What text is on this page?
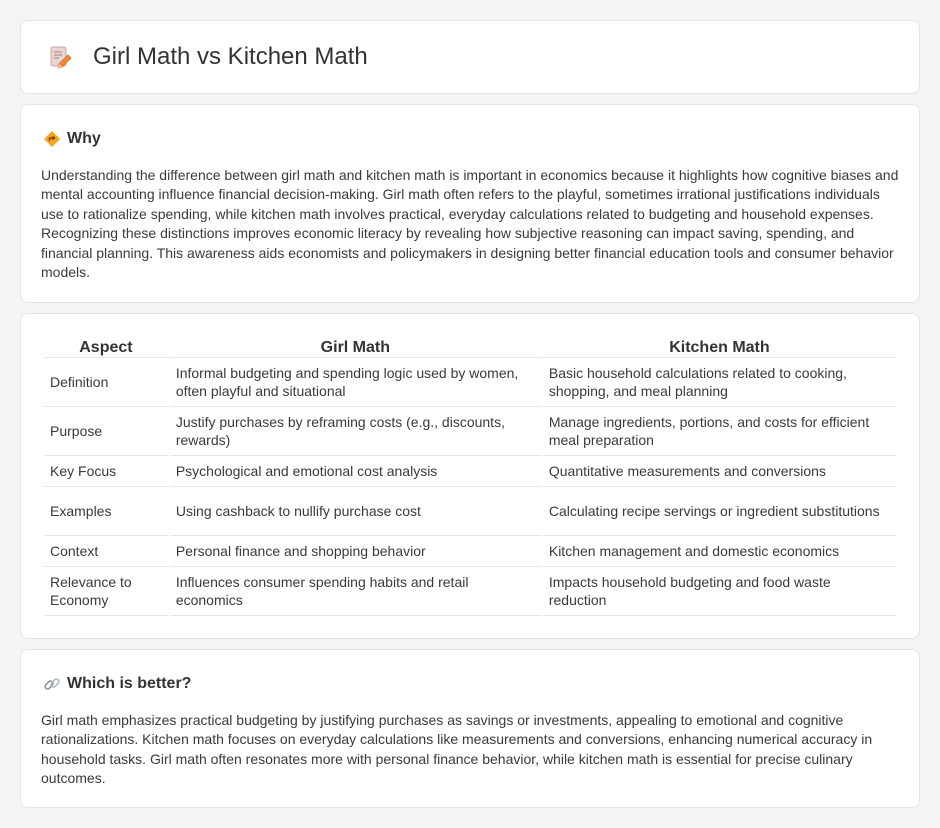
Girl Math vs Kitchen Math
Why

Understanding the difference between girl math and kitchen math is important in economics because it highlights how cognitive biases and mental accounting influence financial decision-making. Girl math often refers to the playful, sometimes irrational justifications individuals use to rationalize spending, while kitchen math involves practical, everyday calculations related to budgeting and household expenses. Recognizing these distinctions improves economic literacy by revealing how subjective reasoning can impact saving, spending, and financial planning. This awareness aids economists and policymakers in designing better financial education tools and consumer behavior models.

Aspect	Girl Math	Kitchen Math
Definition	Informal budgeting and spending logic used by women, often playful and situational	Basic household calculations related to cooking, shopping, and meal planning
Purpose	Justify purchases by reframing costs (e.g., discounts, rewards)	Manage ingredients, portions, and costs for efficient meal preparation
Key Focus	Psychological and emotional cost analysis	Quantitative measurements and conversions
Examples	Using cashback to nullify purchase cost	Calculating recipe servings or ingredient substitutions
Context	Personal finance and shopping behavior	Kitchen management and domestic economics
Relevance to Economy	Influences consumer spending habits and retail economics	Impacts household budgeting and food waste reduction
Which is better?

Girl math emphasizes practical budgeting by justifying purchases as savings or investments, appealing to emotional and cognitive rationalizations. Kitchen math focuses on everyday calculations like measurements and conversions, enhancing numerical accuracy in household tasks. Girl math often resonates more with personal finance behavior, while kitchen math is essential for precise culinary outcomes.
